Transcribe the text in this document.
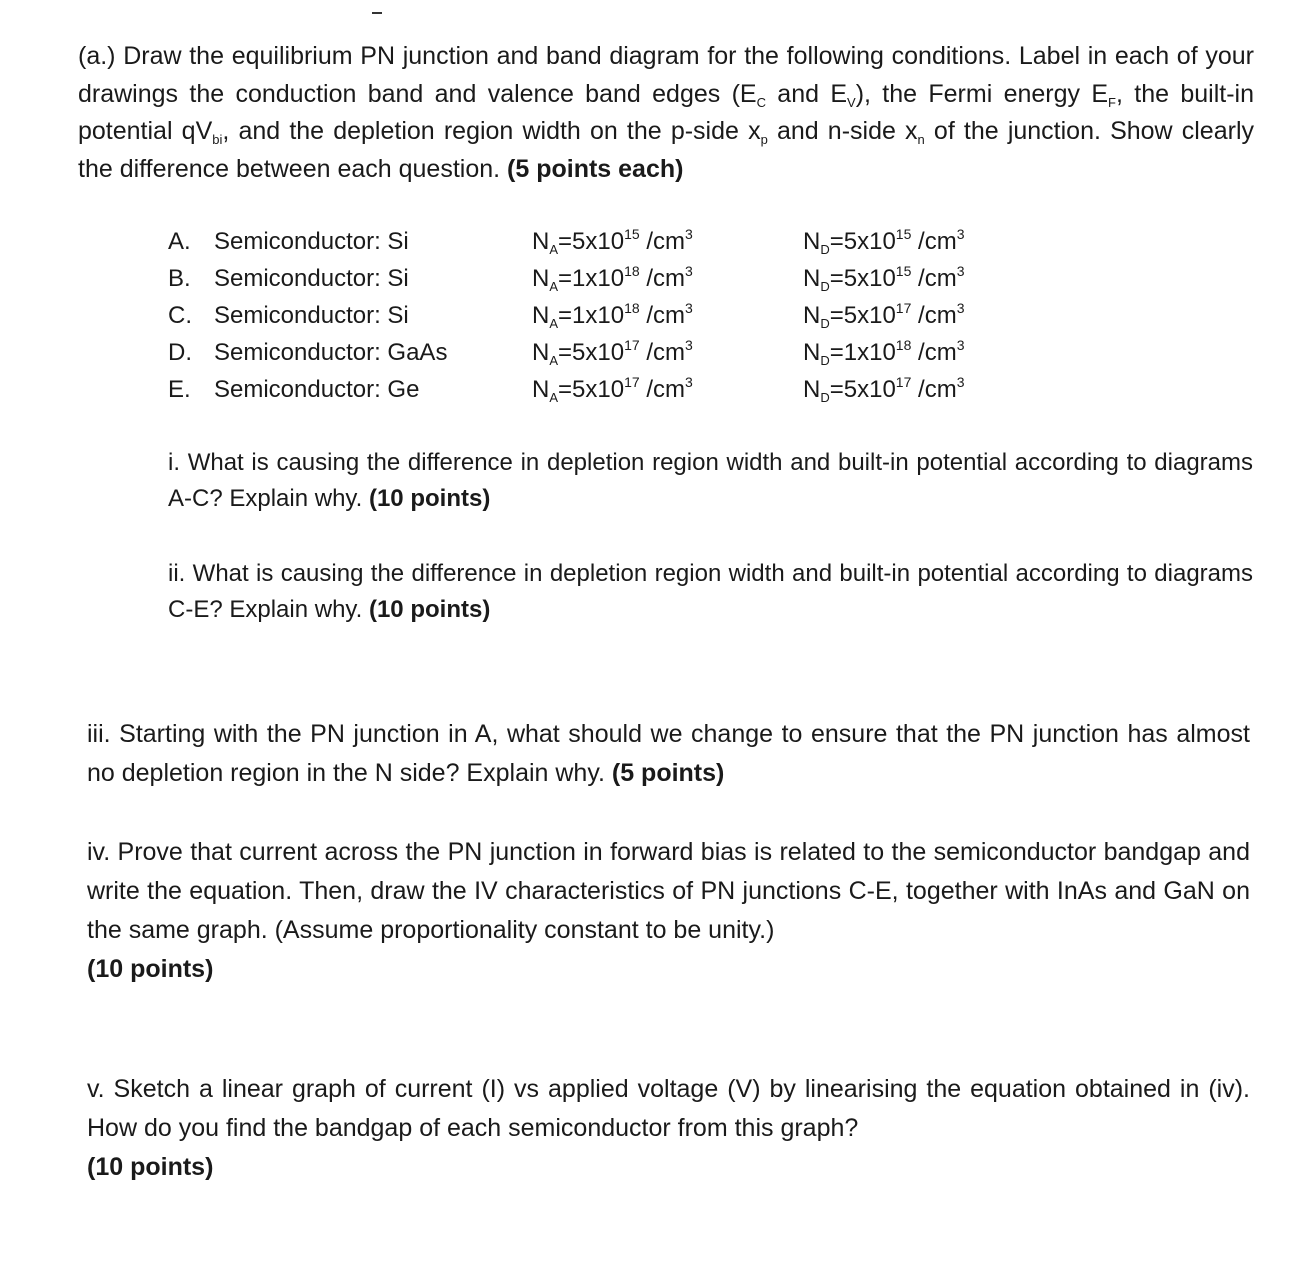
(a.) Draw the equilibrium PN junction and band diagram for the following conditions. Label in each of your drawings the conduction band and valence band edges ($E_C$ and $E_V$), the Fermi energy $E_F$, the built-in potential $qV_{bi}$, and the depletion region width on the p-side $x_p$ and n-side $x_n$ of the junction. Show clearly the difference between each question. (5 points each)
A. Semiconductor: Si	$N_A=5x10^{15}$ $/cm^3$	$N_D=5x10^{15}$ $/cm^3$
B. Semiconductor: Si	$N_A=1x10^{18}$ $/cm^3$	$N_D=5x10^{15}$ $/cm^3$
C. Semiconductor: Si	$N_A=1x10^{18}$ $/cm^3$	$N_D=5x10^{17}$ $/cm^3$
D. Semiconductor: GaAs	$N_A=5x10^{17}$ $/cm^3$	$N_D=1x10^{18}$ $/cm^3$
E. Semiconductor: Ge	$N_A=5x10^{17}$ $/cm^3$	$N_D=5x10^{17}$ $/cm^3$
i. What is causing the difference in depletion region width and built-in potential according to diagrams A-C? Explain why. (10 points)
ii. What is causing the difference in depletion region width and built-in potential according to diagrams C-E? Explain why. (10 points)
iii. Starting with the PN junction in A, what should we change to ensure that the PN junction has almost no depletion region in the N side? Explain why. (5 points)
iv. Prove that current across the PN junction in forward bias is related to the semiconductor bandgap and write the equation. Then, draw the IV characteristics of PN junctions C-E, together with InAs and GaN on the same graph. (Assume proportionality constant to be unity.)
(10 points)
v. Sketch a linear graph of current (I) vs applied voltage (V) by linearising the equation obtained in (iv). How do you find the bandgap of each semiconductor from this graph?
(10 points)
